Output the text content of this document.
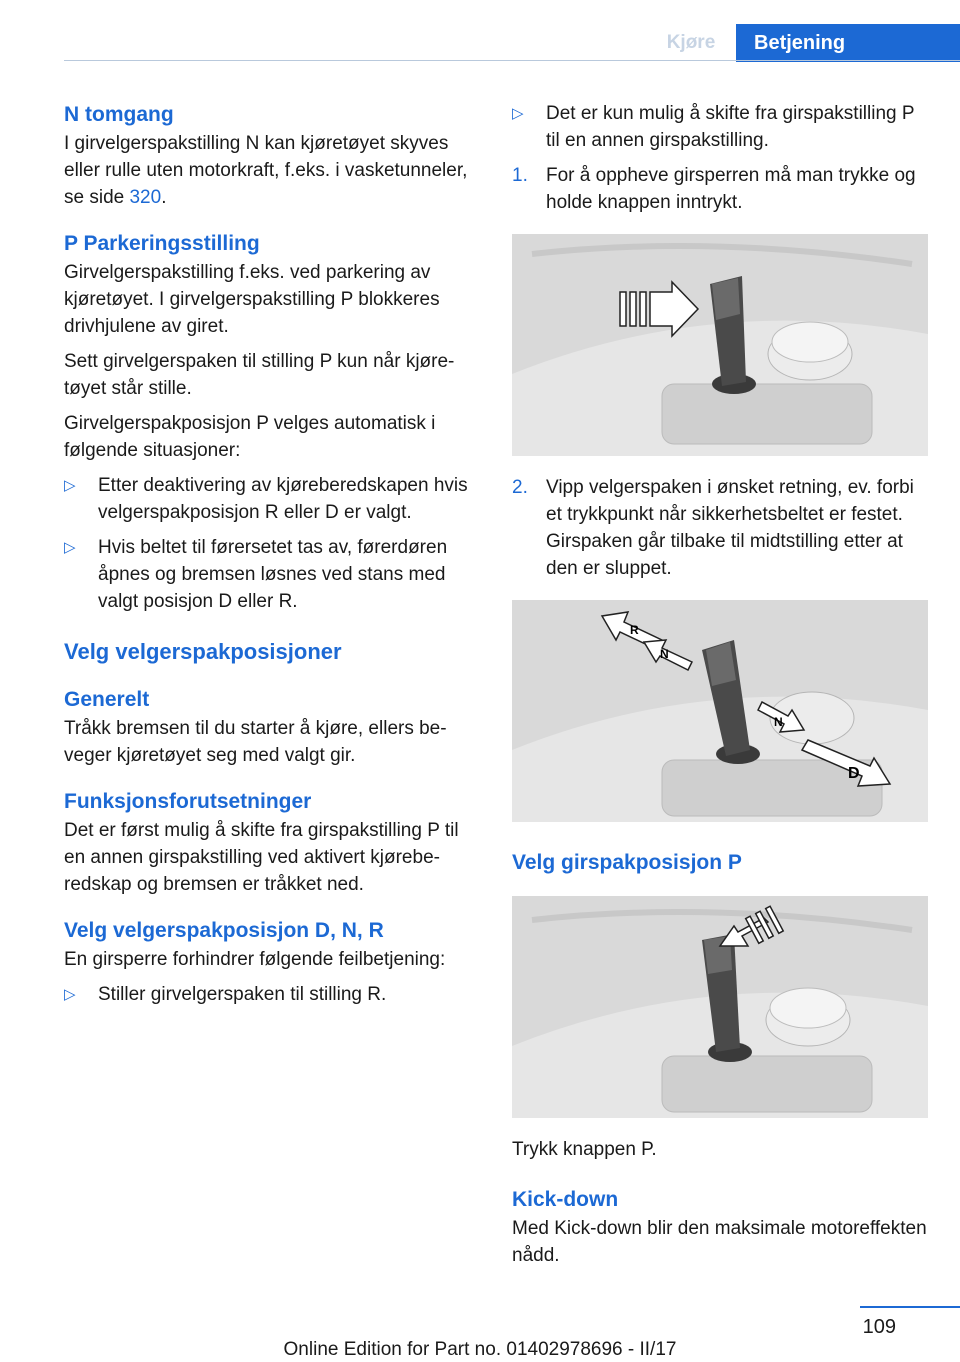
Kjøre	Betjening
N tomgang

I girvelgerspakstilling N kan kjøretøyet skyves eller rulle uten motorkraft, f.eks. i vasketunneler, se side 320.

P Parkeringsstilling

Girvelgerspakstilling f.eks. ved parkering av kjøretøyet. I girvelgerspakstilling P blokkeres drivhjulene av giret.

Sett girvelgerspaken til stilling P kun når kjøretøyet står stille.

Girvelgerspakposisjon P velges automatisk i følgende situasjoner:

▷ Etter deaktivering av kjøreberedskapen hvis velgerspakposisjon R eller D er valgt.

▷ Hvis beltet til førersetet tas av, førerdøren åpnes og bremsen løsnes ved stans med valgt posisjon D eller R.

Velg velgerspakposisjoner
Generelt

Tråkk bremsen til du starter å kjøre, ellers beveger kjøretøyet seg med valgt gir.

Funksjonsforutsetninger

Det er først mulig å skifte fra girspakstilling P til en annen girspakstilling ved aktivert kjøreberedskap og bremsen er tråkket ned.

Velg velgerspakposisjon D, N, R

En girsperre forhindrer følgende feilbetjening:

▷ Stiller girvelgerspaken til stilling R.

▷ Det er kun mulig å skifte fra girspakstilling P til en annen girspakstilling.

1. For å oppheve girsperren må man trykke og holde knappen inntrykt.

2. Vipp velgerspaken i ønsket retning, ev. forbi et trykkpunkt når sikkerhetsbeltet er festet. Girspaken går tilbake til midtstilling etter at den er sluppet.

R
N
N
D
Velg girspakposisjon P

Trykk knappen P.

Kick-down

Med Kick-down blir den maksimale motoreffekten nådd.

109
Online Edition for Part no. 01402978696 - II/17
